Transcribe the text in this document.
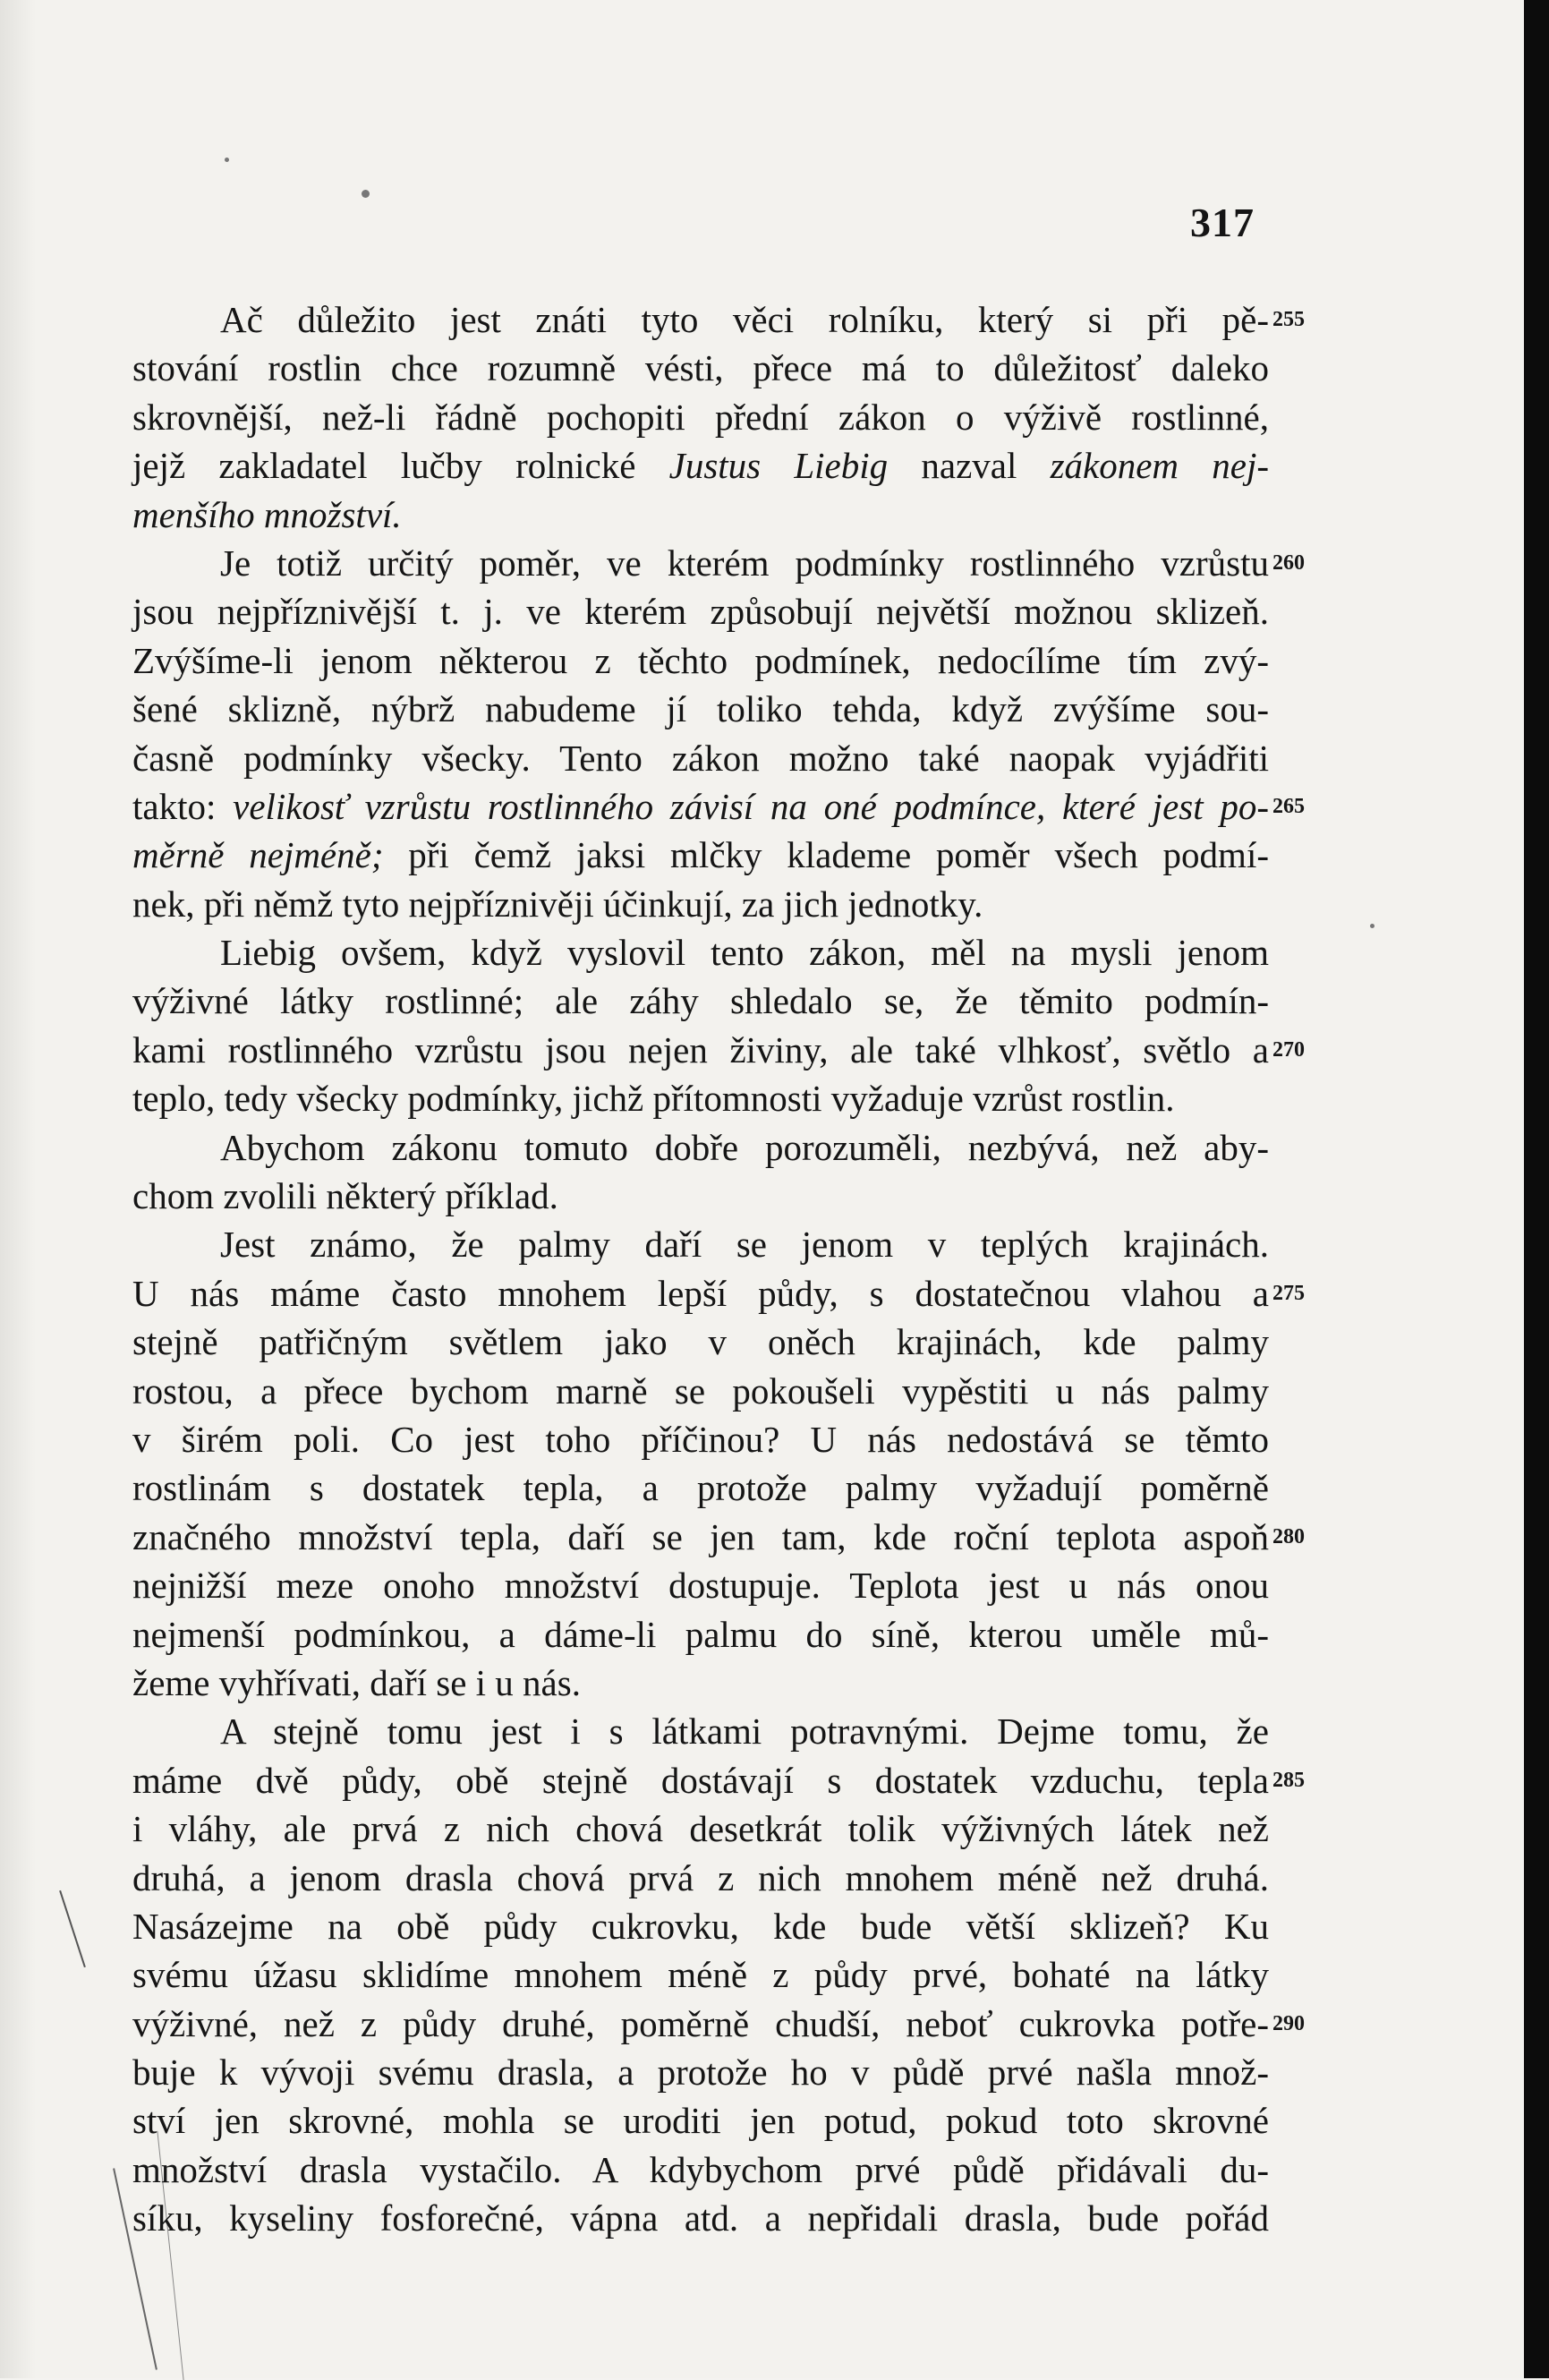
317
Ač důležito jest znáti tyto věci rolníku, který si při pě-
stování rostlin chce rozumně vésti, přece má to důležitosť daleko
skrovnější, než-li řádně pochopiti přední zákon o výživě rostlinné,
jejž zakladatel lučby rolnické Justus Liebig nazval zákonem nej-
menšího množství.
Je totiž určitý poměr, ve kterém podmínky rostlinného vzrůstu
jsou nejpříznivější t. j. ve kterém způsobují největší možnou sklizeň.
Zvýšíme-li jenom některou z těchto podmínek, nedocílíme tím zvý-
šené sklizně, nýbrž nabudeme jí toliko tehda, když zvýšíme sou-
časně podmínky všecky. Tento zákon možno také naopak vyjádřiti
takto: velikosť vzrůstu rostlinného závisí na oné podmínce, které jest po-
měrně nejméně; při čemž jaksi mlčky klademe poměr všech podmí-
nek, při němž tyto nejpříznivěji účinkují, za jich jednotky.
Liebig ovšem, když vyslovil tento zákon, měl na mysli jenom
výživné látky rostlinné; ale záhy shledalo se, že těmito podmín-
kami rostlinného vzrůstu jsou nejen živiny, ale také vlhkosť, světlo a
teplo, tedy všecky podmínky, jichž přítomnosti vyžaduje vzrůst rostlin.
Abychom zákonu tomuto dobře porozuměli, nezbývá, než aby-
chom zvolili některý příklad.
Jest známo, že palmy daří se jenom v teplých krajinách.
U nás máme často mnohem lepší půdy, s dostatečnou vlahou a
stejně patřičným světlem jako v oněch krajinách, kde palmy
rostou, a přece bychom marně se pokoušeli vypěstiti u nás palmy
v širém poli. Co jest toho příčinou? U nás nedostává se těmto
rostlinám s dostatek tepla, a protože palmy vyžadují poměrně
značného množství tepla, daří se jen tam, kde roční teplota aspoň
nejnižší meze onoho množství dostupuje. Teplota jest u nás onou
nejmenší podmínkou, a dáme-li palmu do síně, kterou uměle mů-
žeme vyhřívati, daří se i u nás.
A stejně tomu jest i s látkami potravnými. Dejme tomu, že
máme dvě půdy, obě stejně dostávají s dostatek vzduchu, tepla
i vláhy, ale prvá z nich chová desetkrát tolik výživných látek než
druhá, a jenom drasla chová prvá z nich mnohem méně než druhá.
Nasázejme na obě půdy cukrovku, kde bude větší sklizeň? Ku
svému úžasu sklidíme mnohem méně z půdy prvé, bohaté na látky
výživné, než z půdy druhé, poměrně chudší, neboť cukrovka potře-
buje k vývoji svému drasla, a protože ho v půdě prvé našla množ-
ství jen skrovné, mohla se uroditi jen potud, pokud toto skrovné
množství drasla vystačilo. A kdybychom prvé půdě přidávali du-
síku, kyseliny fosforečné, vápna atd. a nepřidali drasla, bude pořád
255
260
265
270
275
280
285
290
